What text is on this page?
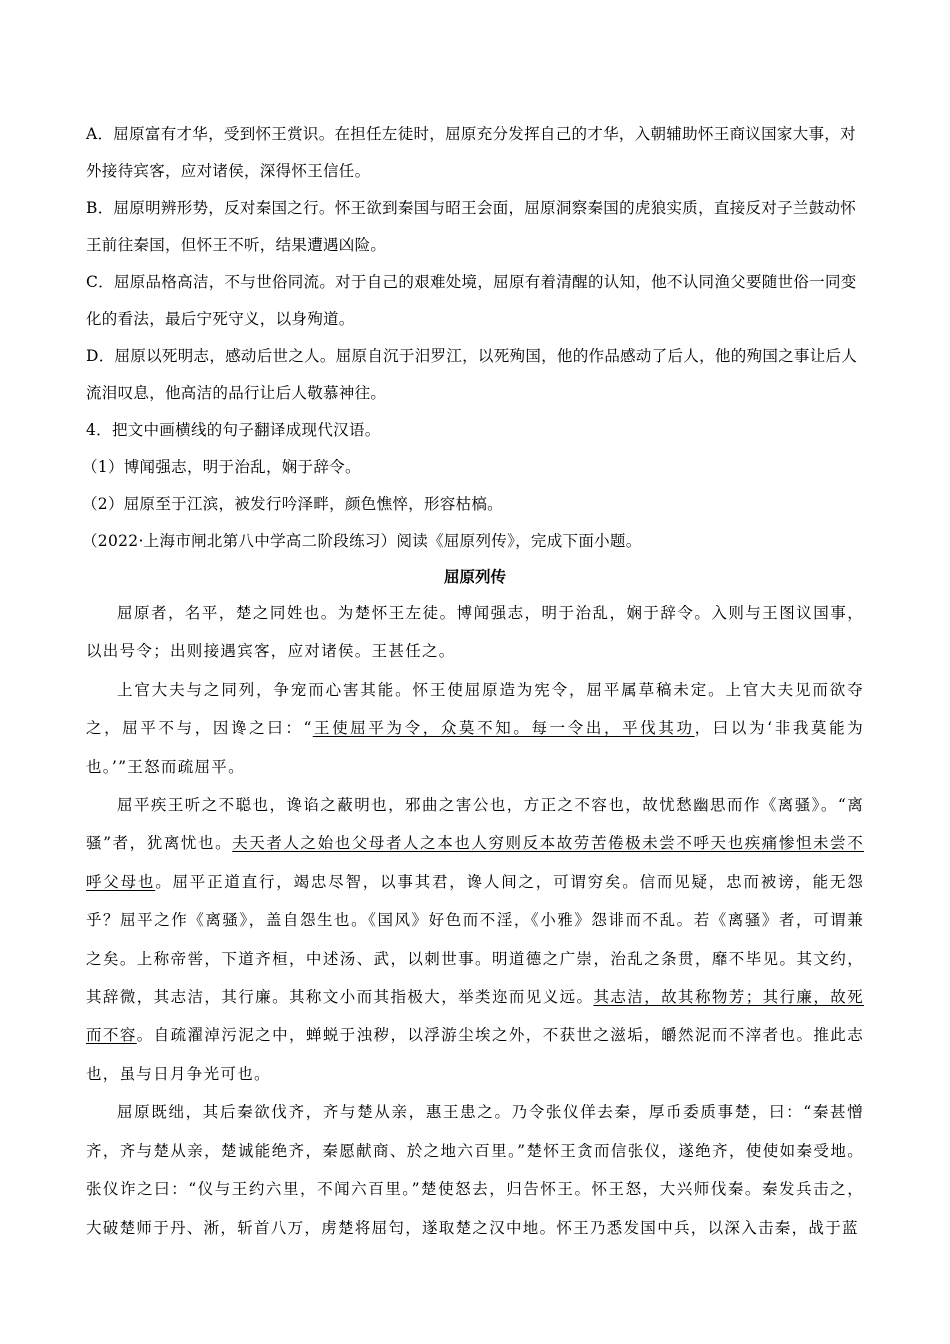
A．屈原富有才华，受到怀王赏识。在担任左徒时，屈原充分发挥自己的才华，入朝辅助怀王商议国家大事，对外接待宾客，应对诸侯，深得怀王信任。

B．屈原明辨形势，反对秦国之行。怀王欲到秦国与昭王会面，屈原洞察秦国的虎狼实质，直接反对子兰鼓动怀王前往秦国，但怀王不听，结果遭遇凶险。

C．屈原品格高洁，不与世俗同流。对于自己的艰难处境，屈原有着清醒的认知，他不认同渔父要随世俗一同变化的看法，最后宁死守义，以身殉道。

D．屈原以死明志，感动后世之人。屈原自沉于汨罗江，以死殉国，他的作品感动了后人，他的殉国之事让后人流泪叹息，他高洁的品行让后人敬慕神往。

4．把文中画横线的句子翻译成现代汉语。

（1）博闻强志，明于治乱，娴于辞令。

（2）屈原至于江滨，被发行吟泽畔，颜色憔悴，形容枯槁。

（2022·上海市闸北第八中学高二阶段练习）阅读《屈原列传》，完成下面小题。

屈原列传

屈原者，名平，楚之同姓也。为楚怀王左徒。博闻强志，明于治乱，娴于辞令。入则与王图议国事，以出号令；出则接遇宾客，应对诸侯。王甚任之。

上官大夫与之同列，争宠而心害其能。怀王使屈原造为宪令，屈平属草稿未定。上官大夫见而欲夺之，屈平不与，因谗之曰：“王使屈平为令，众莫不知。每一令出，平伐其功，曰以为‘非我莫能为也。’”王怒而疏屈平。

屈平疾王听之不聪也，谗谄之蔽明也，邪曲之害公也，方正之不容也，故忧愁幽思而作《离骚》。“离骚”者，犹离忧也。夫天者人之始也父母者人之本也人穷则反本故劳苦倦极未尝不呼天也疾痛惨怛未尝不呼父母也。屈平正道直行，竭忠尽智，以事其君，谗人间之，可谓穷矣。信而见疑，忠而被谤，能无怨乎？屈平之作《离骚》，盖自怨生也。《国风》好色而不淫，《小雅》怨诽而不乱。若《离骚》者，可谓兼之矣。上称帝喾，下道齐桓，中述汤、武，以刺世事。明道德之广崇，治乱之条贯，靡不毕见。其文约，其辞微，其志洁，其行廉。其称文小而其指极大，举类迩而见义远。其志洁，故其称物芳；其行廉，故死而不容。自疏濯淖污泥之中，蝉蜕于浊秽，以浮游尘埃之外，不获世之滋垢，皭然泥而不滓者也。推此志也，虽与日月争光可也。

屈原既绌，其后秦欲伐齐，齐与楚从亲，惠王患之。乃令张仪佯去秦，厚币委质事楚，曰：“秦甚憎齐，齐与楚从亲，楚诚能绝齐，秦愿献商、於之地六百里。”楚怀王贪而信张仪，遂绝齐，使使如秦受地。张仪诈之曰：“仪与王约六里，不闻六百里。”楚使怒去，归告怀王。怀王怒，大兴师伐秦。秦发兵击之，大破楚师于丹、淅，斩首八万，虏楚将屈匄，遂取楚之汉中地。怀王乃悉发国中兵，以深入击秦，战于蓝
